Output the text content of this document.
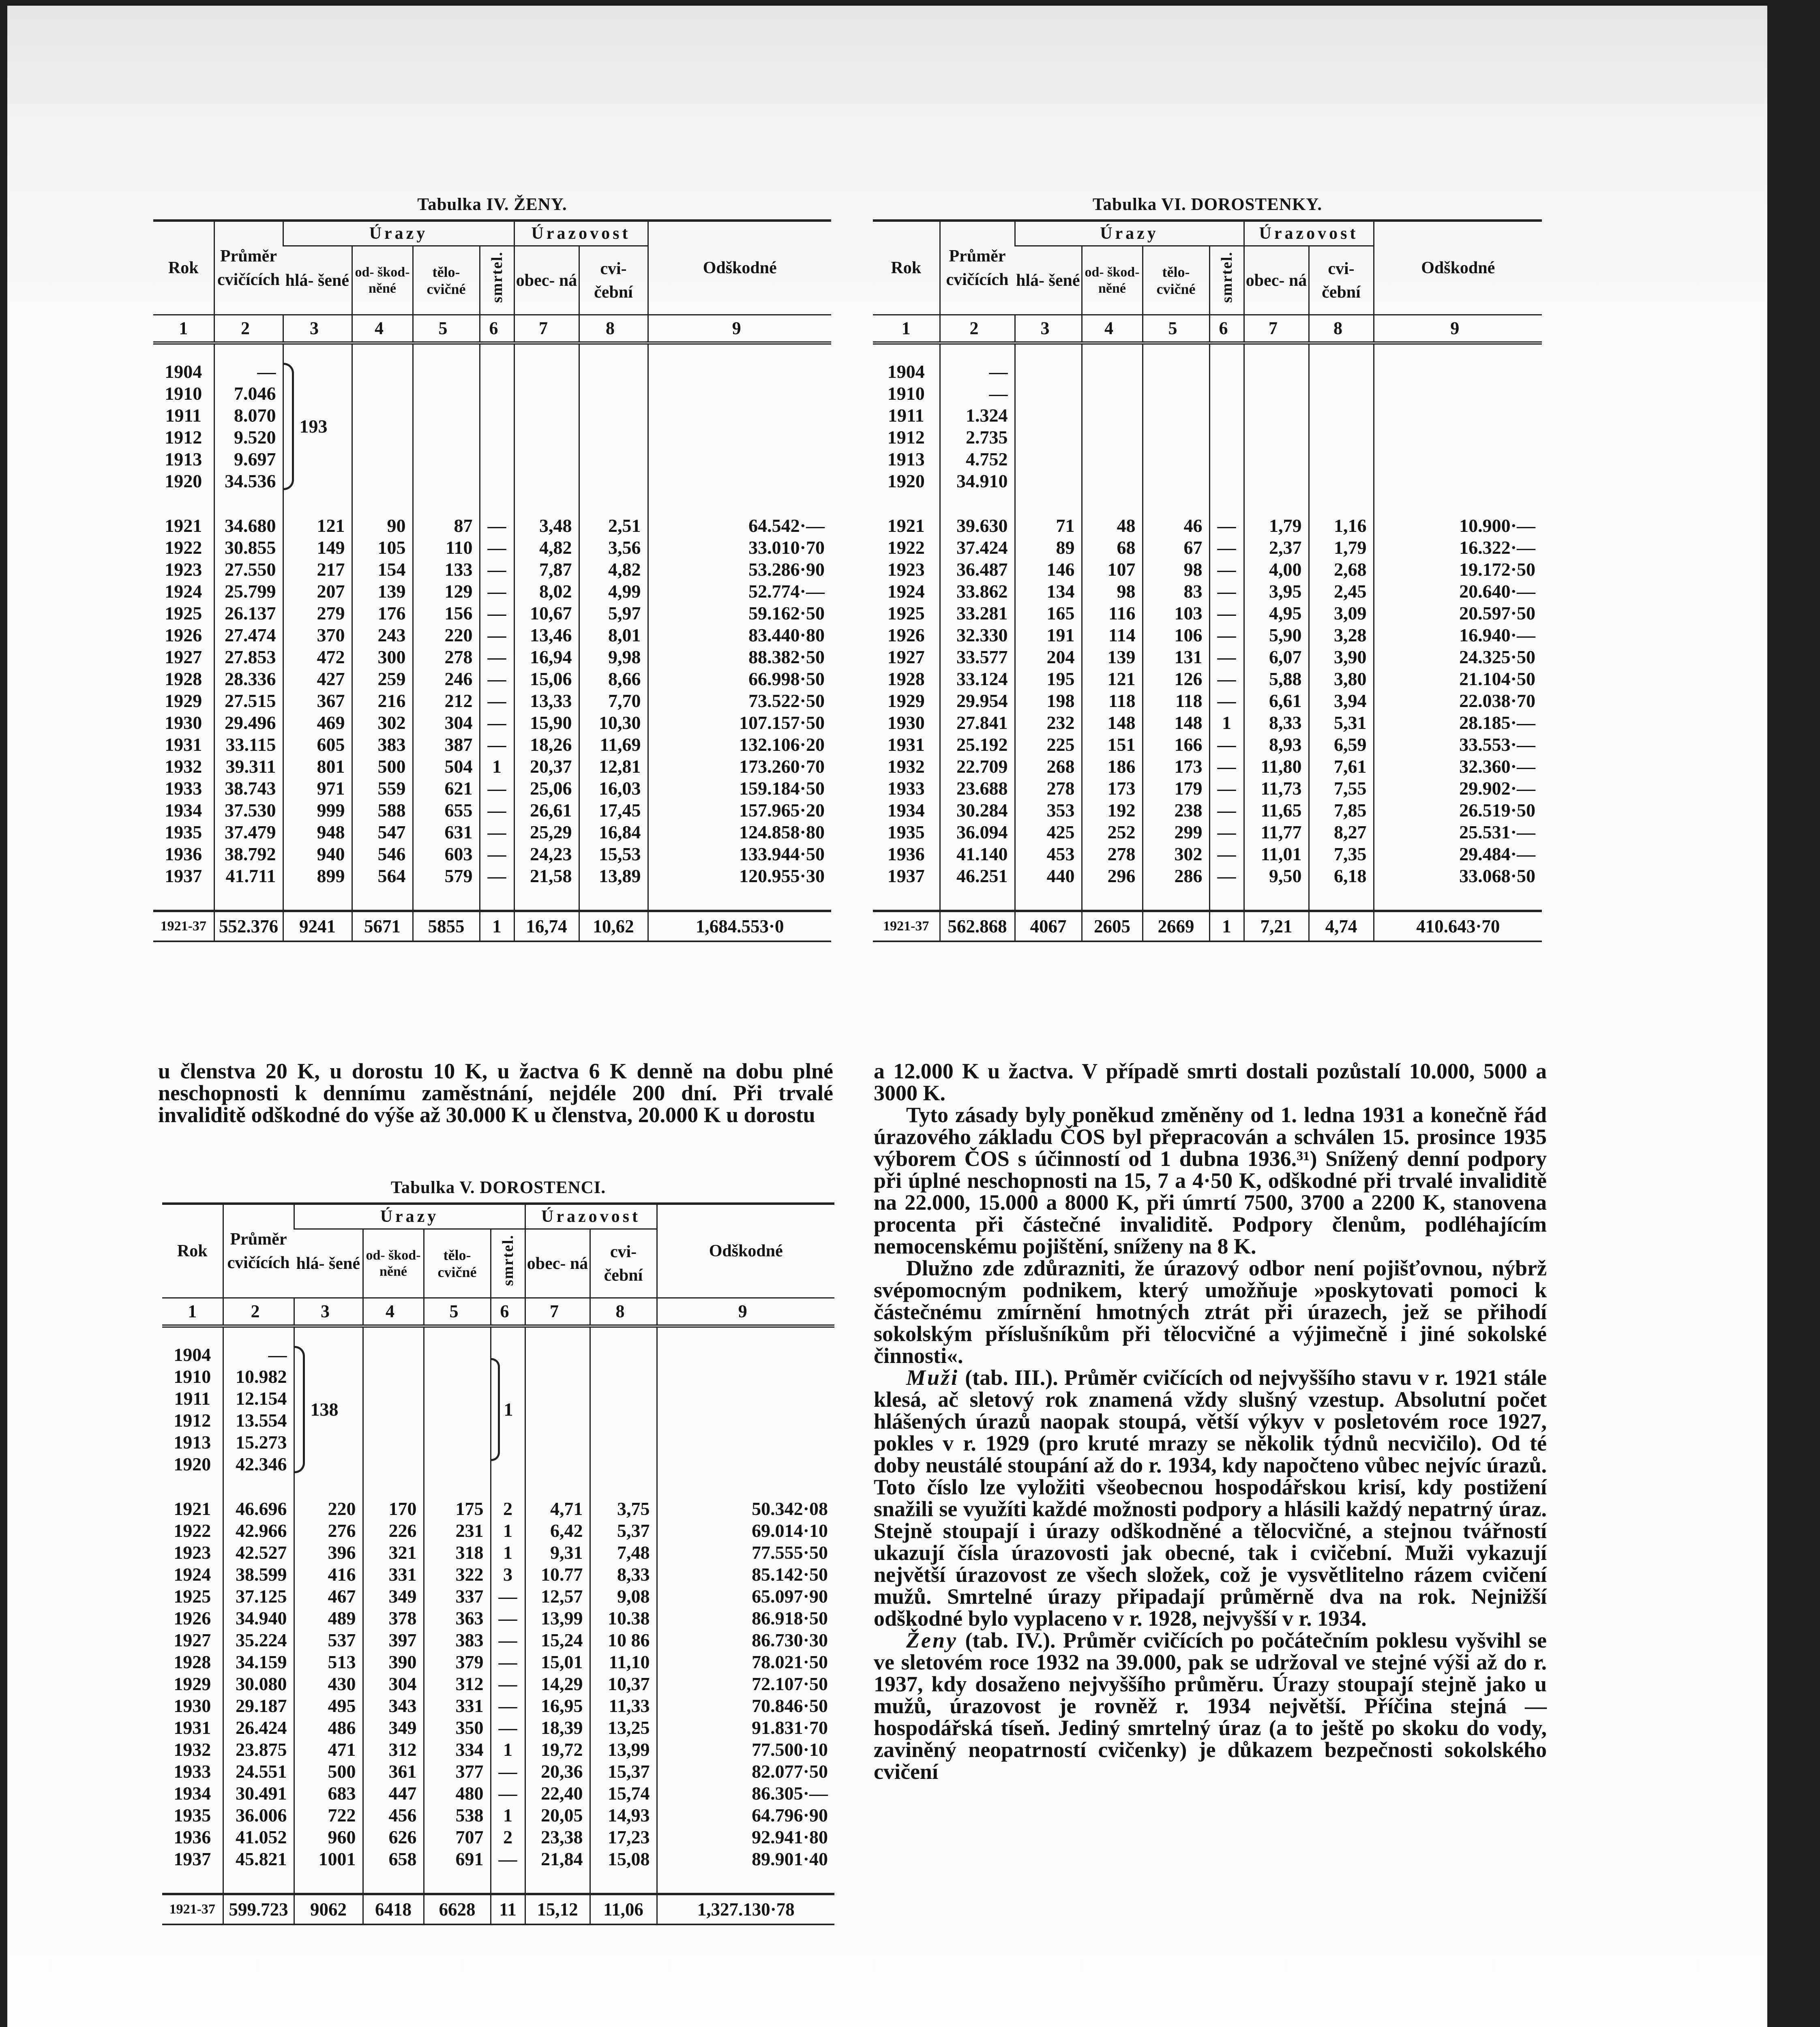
Tabulka IV. ŽENY.
Rok	Průměr cvičících	Úrazy				Úrazovost		Odškodné
		hlá- šené	od- škod- něné	tělo- cvičné	smrtel.	obec- ná	cvi- čební	
1	2	3	4	5	6	7	8	9

1904	—	193						

1910	7.046							
1911	8.070							
1912	9.520							
1913	9.697							
1920	34.536							

1921	34.680	121	90	87	—	3,48	2,51	64.542·—
1922	30.855	149	105	110	—	4,82	3,56	33.010·70
1923	27.550	217	154	133	—	7,87	4,82	53.286·90
1924	25.799	207	139	129	—	8,02	4,99	52.774·—
1925	26.137	279	176	156	—	10,67	5,97	59.162·50
1926	27.474	370	243	220	—	13,46	8,01	83.440·80
1927	27.853	472	300	278	—	16,94	9,98	88.382·50
1928	28.336	427	259	246	—	15,06	8,66	66.998·50
1929	27.515	367	216	212	—	13,33	7,70	73.522·50
1930	29.496	469	302	304	—	15,90	10,30	107.157·50
1931	33.115	605	383	387	—	18,26	11,69	132.106·20
1932	39.311	801	500	504	1	20,37	12,81	173.260·70
1933	38.743	971	559	621	—	25,06	16,03	159.184·50
1934	37.530	999	588	655	—	26,61	17,45	157.965·20
1935	37.479	948	547	631	—	25,29	16,84	124.858·80
1936	38.792	940	546	603	—	24,23	15,53	133.944·50
1937	41.711	899	564	579	—	21,58	13,89	120.955·30

1921-37	552.376	9241	5671	5855	1	16,74	10,62	1,684.553·0
Tabulka VI. DOROSTENKY.
Rok	Průměr cvičících	Úrazy				Úrazovost		Odškodné
		hlá- šené	od- škod- něné	tělo- cvičné	smrtel.	obec- ná	cvi- čební	
1	2	3	4	5	6	7	8	9

1904	—							
1910	—							
1911	1.324							
1912	2.735							
1913	4.752							
1920	34.910							

1921	39.630	71	48	46	—	1,79	1,16	10.900·—
1922	37.424	89	68	67	—	2,37	1,79	16.322·—
1923	36.487	146	107	98	—	4,00	2,68	19.172·50
1924	33.862	134	98	83	—	3,95	2,45	20.640·—
1925	33.281	165	116	103	—	4,95	3,09	20.597·50
1926	32.330	191	114	106	—	5,90	3,28	16.940·—
1927	33.577	204	139	131	—	6,07	3,90	24.325·50
1928	33.124	195	121	126	—	5,88	3,80	21.104·50
1929	29.954	198	118	118	—	6,61	3,94	22.038·70
1930	27.841	232	148	148	1	8,33	5,31	28.185·—
1931	25.192	225	151	166	—	8,93	6,59	33.553·—
1932	22.709	268	186	173	—	11,80	7,61	32.360·—
1933	23.688	278	173	179	—	11,73	7,55	29.902·—
1934	30.284	353	192	238	—	11,65	7,85	26.519·50
1935	36.094	425	252	299	—	11,77	8,27	25.531·—
1936	41.140	453	278	302	—	11,01	7,35	29.484·—
1937	46.251	440	296	286	—	9,50	6,18	33.068·50

1921-37	562.868	4067	2605	2669	1	7,21	4,74	410.643·70

u členstva 20 K, u dorostu 10 K, u žactva 6 K denně na dobu plné neschopnosti k dennímu zaměstnání, nejdéle 200 dní. Při trvalé invaliditě odškodné do výše až 30.000 K u členstva, 20.000 K u dorostu

Tabulka V. DOROSTENCI.
Rok	Průměr cvičících	Úrazy				Úrazovost		Odškodné
		hlá- šené	od- škod- něné	tělo- cvičné	smrtel.	obec- ná	cvi- čební	
1	2	3	4	5	6	7	8	9

1904	—	138			1			

1910	10.982							
1911	12.154							
1912	13.554							
1913	15.273							
1920	42.346							

1921	46.696	220	170	175	2	4,71	3,75	50.342·08
1922	42.966	276	226	231	1	6,42	5,37	69.014·10
1923	42.527	396	321	318	1	9,31	7,48	77.555·50
1924	38.599	416	331	322	3	10.77	8,33	85.142·50
1925	37.125	467	349	337	—	12,57	9,08	65.097·90
1926	34.940	489	378	363	—	13,99	10.38	86.918·50
1927	35.224	537	397	383	—	15,24	10 86	86.730·30
1928	34.159	513	390	379	—	15,01	11,10	78.021·50
1929	30.080	430	304	312	—	14,29	10,37	72.107·50
1930	29.187	495	343	331	—	16,95	11,33	70.846·50
1931	26.424	486	349	350	—	18,39	13,25	91.831·70
1932	23.875	471	312	334	1	19,72	13,99	77.500·10
1933	24.551	500	361	377	—	20,36	15,37	82.077·50
1934	30.491	683	447	480	—	22,40	15,74	86.305·—
1935	36.006	722	456	538	1	20,05	14,93	64.796·90
1936	41.052	960	626	707	2	23,38	17,23	92.941·80
1937	45.821	1001	658	691	—	21,84	15,08	89.901·40

1921-37	599.723	9062	6418	6628	11	15,12	11,06	1,327.130·78

a 12.000 K u žactva. V případě smrti dostali pozůstalí 10.000, 5000 a 3000 K.

Tyto zásady byly poněkud změněny od 1. ledna 1931 a konečně řád úrazového základu ČOS byl přepracován a schválen 15. prosince 1935 výborem ČOS s účinností od 1 dubna 1936.³¹) Snížený denní podpory při úplné neschopnosti na 15, 7 a 4·50 K, odškodné při trvalé invaliditě na 22.000, 15.000 a 8000 K, při úmrtí 7500, 3700 a 2200 K, stanovena procenta při částečné invaliditě. Podpory členům, podléhajícím nemocenskému pojištění, sníženy na 8 K.

Dlužno zde zdůrazniti, že úrazový odbor není pojišťovnou, nýbrž svépomocným podnikem, který umožňuje »poskytovati pomoci k částečnému zmírnění hmotných ztrát při úrazech, jež se přihodí sokolským příslušníkům při tělocvičné a výjimečně i jiné sokolské činnosti«.

Muži (tab. III.). Průměr cvičících od nejvyššího stavu v r. 1921 stále klesá, ač sletový rok znamená vždy slušný vzestup. Absolutní počet hlášených úrazů naopak stoupá, větší výkyv v posletovém roce 1927, pokles v r. 1929 (pro kruté mrazy se několik týdnů necvičilo). Od té doby neustálé stoupání až do r. 1934, kdy napočteno vůbec nejvíc úrazů. Toto číslo lze vyložiti všeobecnou hospodářskou krisí, kdy postižení snažili se využíti každé možnosti podpory a hlásili každý nepatrný úraz. Stejně stoupají i úrazy odškodněné a tělocvičné, a stejnou tvářností ukazují čísla úrazovosti jak obecné, tak i cvičební. Muži vykazují největší úrazovost ze všech složek, což je vysvětlitelno rázem cvičení mužů. Smrtelné úrazy připadají průměrně dva na rok. Nejnižší odškodné bylo vyplaceno v r. 1928, nejvyšší v r. 1934.

Ženy (tab. IV.). Průměr cvičících po počátečním poklesu vyšvihl se ve sletovém roce 1932 na 39.000, pak se udržoval ve stejné výši až do r. 1937, kdy dosaženo nejvyššího průměru. Úrazy stoupají stejně jako u mužů, úrazovost je rovněž r. 1934 největší. Příčina stejná — hospodářská tíseň. Jediný smrtelný úraz (a to ještě po skoku do vody, zaviněný neopatrností cvičenky) je důkazem bezpečnosti sokolského cvičení
